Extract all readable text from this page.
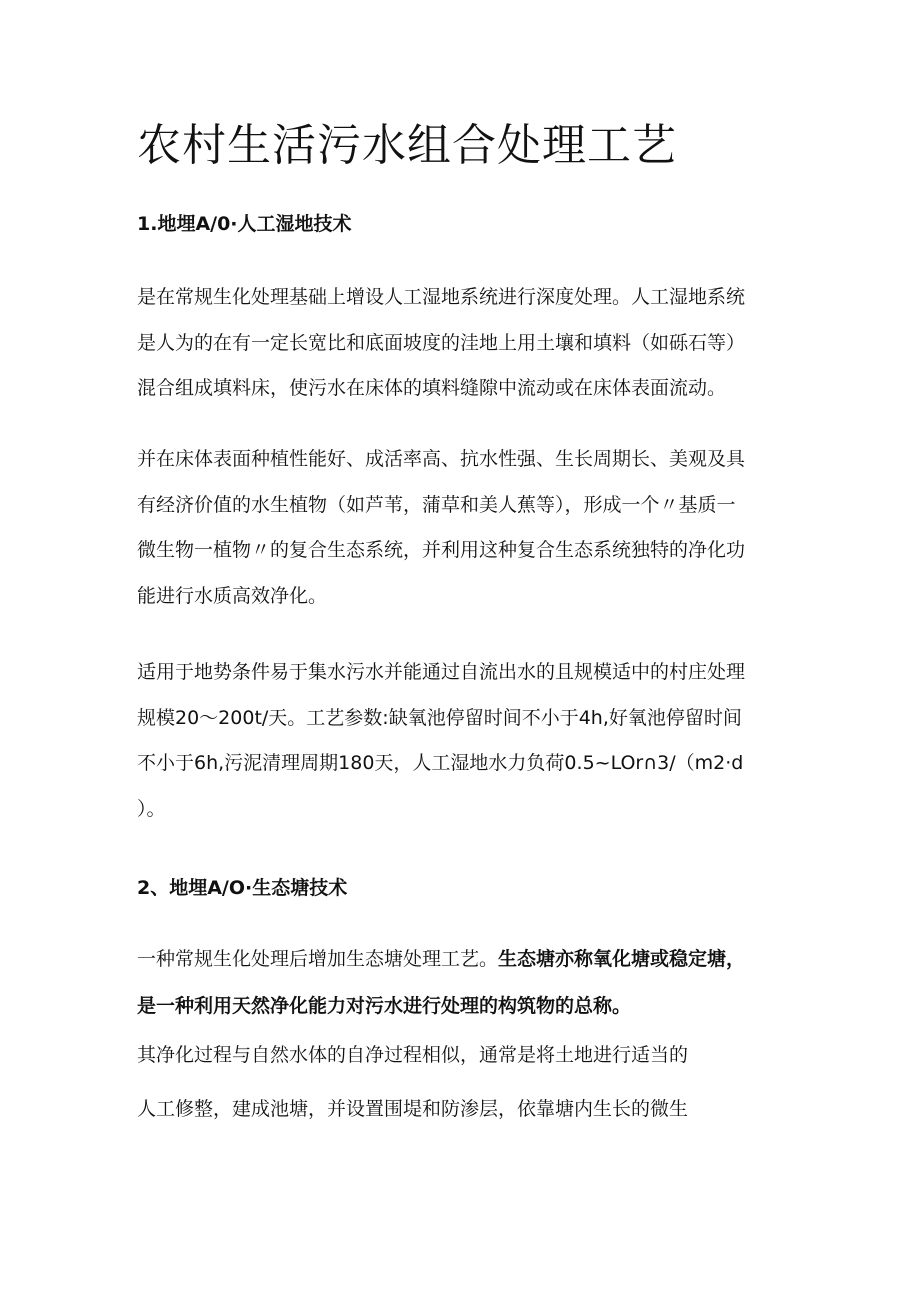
农村生活污水组合处理工艺
1.地埋A/0·人工湿地技术

是在常规生化处理基础上增设人工湿地系统进行深度处理。人工湿地系统
是人为的在有一定长宽比和底面坡度的洼地上用土壤和填料（如砾石等）
混合组成填料床，使污水在床体的填料缝隙中流动或在床体表面流动。

并在床体表面种植性能好、成活率高、抗水性强、生长周期长、美观及具
有经济价值的水生植物（如芦苇，蒲草和美人蕉等），形成一个〃基质一
微生物一植物〃的复合生态系统，并利用这种复合生态系统独特的净化功
能进行水质高效净化。

适用于地势条件易于集水污水并能通过自流出水的且规模适中的村庄处理
规模20～200t/天。工艺参数:缺氧池停留时间不小于4h,好氧池停留时间
不小于6h,污泥清理周期180天，人工湿地水力负荷0.5~LOr∩3/（m2·d
）。

2、地埋A/O·生态塘技术

一种常规生化处理后增加生态塘处理工艺。生态塘亦称氧化塘或稳定塘，

是一种利用天然净化能力对污水进行处理的构筑物的总称。

其净化过程与自然水体的自净过程相似，通常是将土地进行适当的

人工修整，建成池塘，并设置围堤和防渗层，依靠塘内生长的微生
